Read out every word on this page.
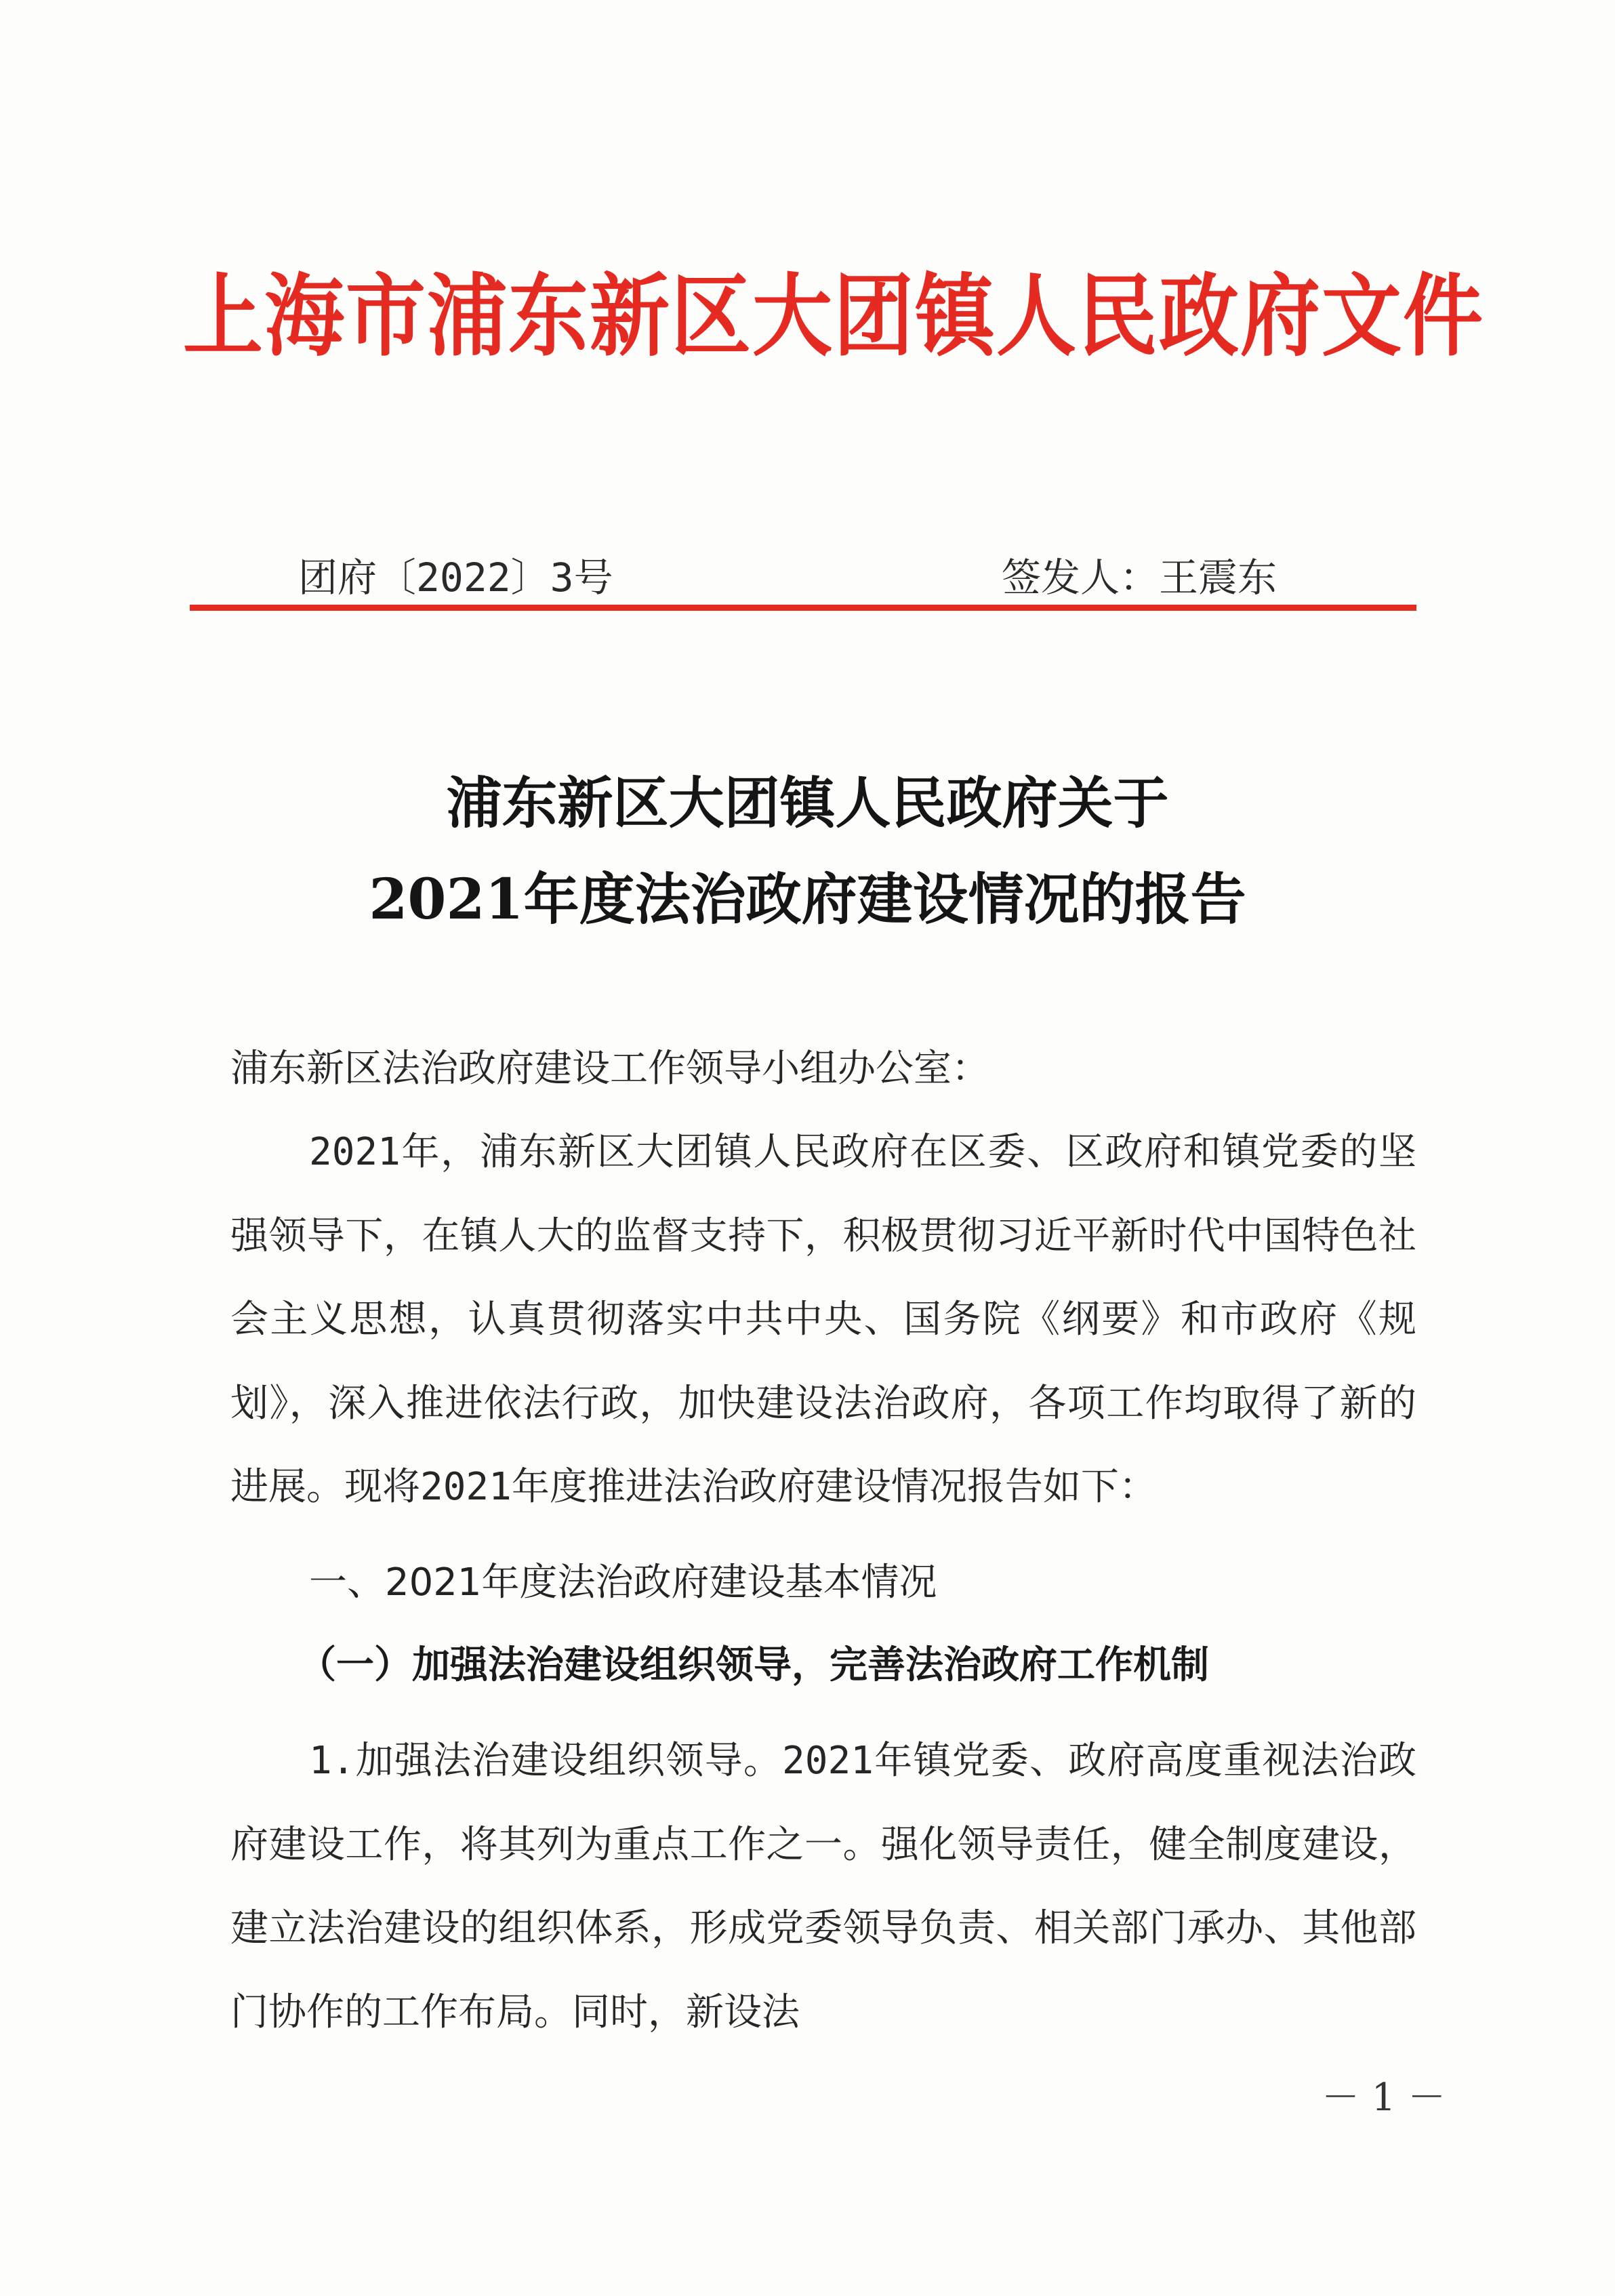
上海市浦东新区大团镇人民政府文件
团府〔2022〕3号	签发人：王震东
浦东新区大团镇人民政府关于
2021年度法治政府建设情况的报告
浦东新区法治政府建设工作领导小组办公室：

2021年，浦东新区大团镇人民政府在区委、区政府和镇党委的坚强领导下，在镇人大的监督支持下，积极贯彻习近平新时代中国特色社会主义思想，认真贯彻落实中共中央、国务院《纲要》和市政府《规划》，深入推进依法行政，加快建设法治政府，各项工作均取得了新的进展。现将2021年度推进法治政府建设情况报告如下：

一、2021年度法治政府建设基本情况
（一）加强法治建设组织领导，完善法治政府工作机制

1.加强法治建设组织领导。2021年镇党委、政府高度重视法治政府建设工作，将其列为重点工作之一。强化领导责任，健全制度建设，建立法治建设的组织体系，形成党委领导负责、相关部门承办、其他部门协作的工作布局。同时，新设法

－ 1 －
